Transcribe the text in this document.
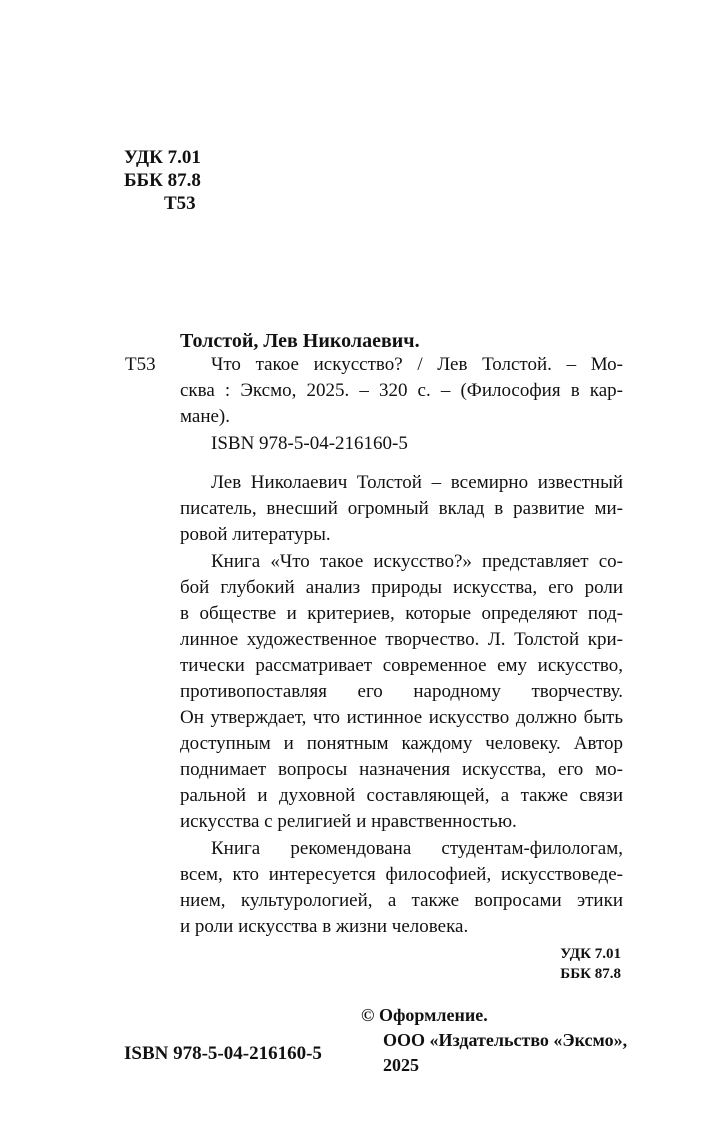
УДК 7.01
ББК 87.8
Т53
Толстой, Лев Николаевич.
Т53	Что такое искусство? / Лев Толстой. – Мо-
сква : Эксмо, 2025. – 320 с. – (Философия в кар-
мане).
ISBN 978-5-04-216160-5
Лев Николаевич Толстой – всемирно известный
писатель, внесший огромный вклад в развитие ми-
ровой литературы.
Книга «Что такое искусство?» представляет со-
бой глубокий анализ природы искусства, его роли
в обществе и критериев, которые определяют под-
линное художественное творчество. Л. Толстой кри-
тически рассматривает современное ему искусство,
противопоставляя его народному творчеству.
Он утверждает, что истинное искусство должно быть
доступным и понятным каждому человеку. Автор
поднимает вопросы назначения искусства, его мо-
ральной и духовной составляющей, а также связи
искусства с религией и нравственностью.
Книга рекомендована студентам-филологам,
всем, кто интересуется философией, искусствоведе-
нием, культурологией, а также вопросами этики
и роли искусства в жизни человека.
УДК 7.01
ББК 87.8
© Оформление.
ООО «Издательство «Эксмо»,
2025
ISBN 978-5-04-216160-5
